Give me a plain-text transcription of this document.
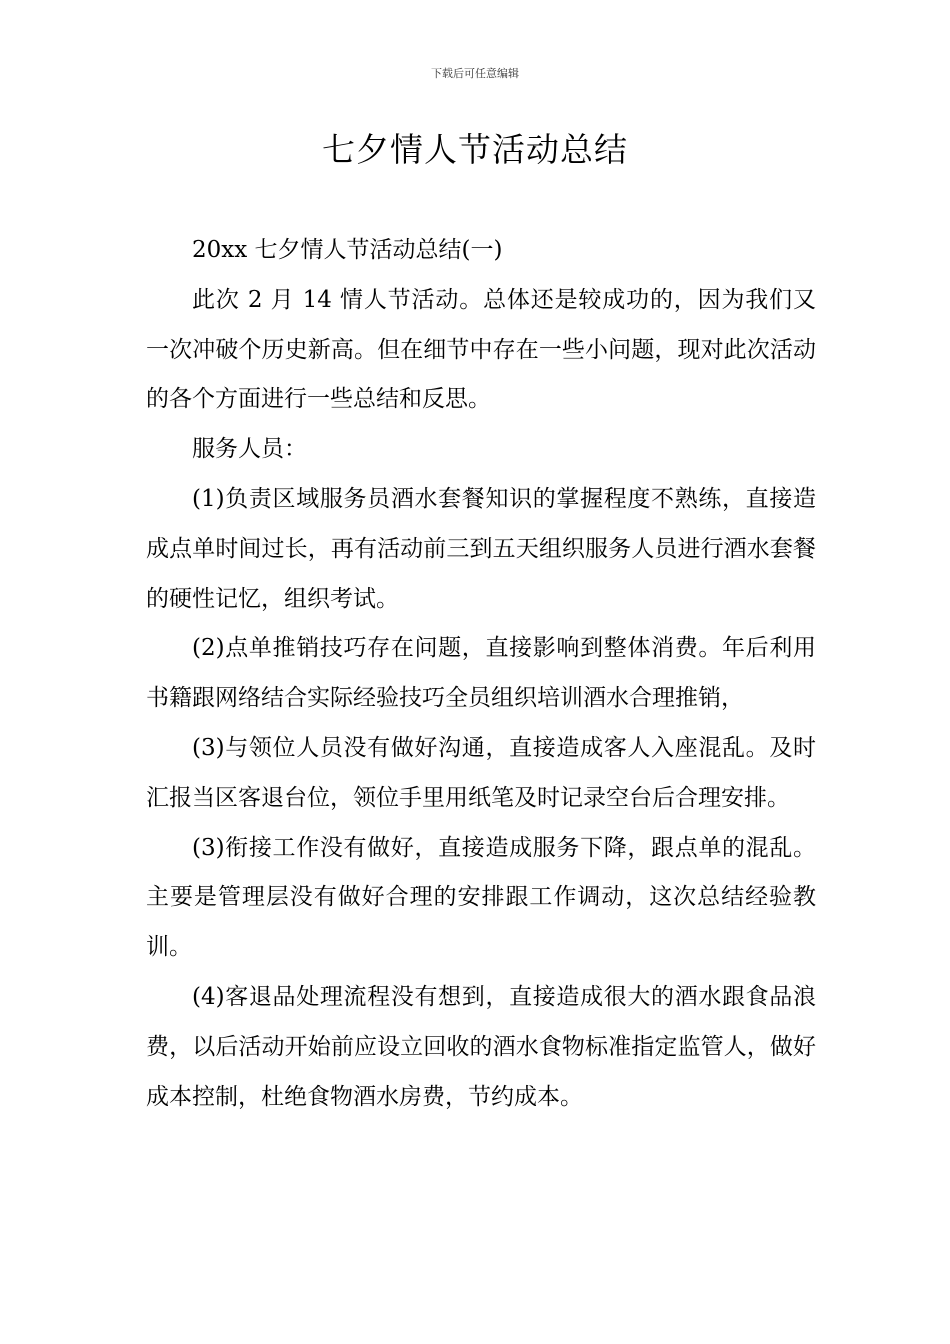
下载后可任意编辑
七夕情人节活动总结

20xx 七夕情人节活动总结(一)

此次 2 月 14 情人节活动。总体还是较成功的，因为我们又一次冲破个历史新高。但在细节中存在一些小问题，现对此次活动的各个方面进行一些总结和反思。

服务人员：

(1)负责区域服务员酒水套餐知识的掌握程度不熟练，直接造成点单时间过长，再有活动前三到五天组织服务人员进行酒水套餐的硬性记忆，组织考试。

(2)点单推销技巧存在问题，直接影响到整体消费。年后利用书籍跟网络结合实际经验技巧全员组织培训酒水合理推销，

(3)与领位人员没有做好沟通，直接造成客人入座混乱。及时汇报当区客退台位，领位手里用纸笔及时记录空台后合理安排。

(3)衔接工作没有做好，直接造成服务下降，跟点单的混乱。主要是管理层没有做好合理的安排跟工作调动，这次总结经验教训。

(4)客退品处理流程没有想到，直接造成很大的酒水跟食品浪费，以后活动开始前应设立回收的酒水食物标准指定监管人，做好成本控制，杜绝食物酒水房费，节约成本。
